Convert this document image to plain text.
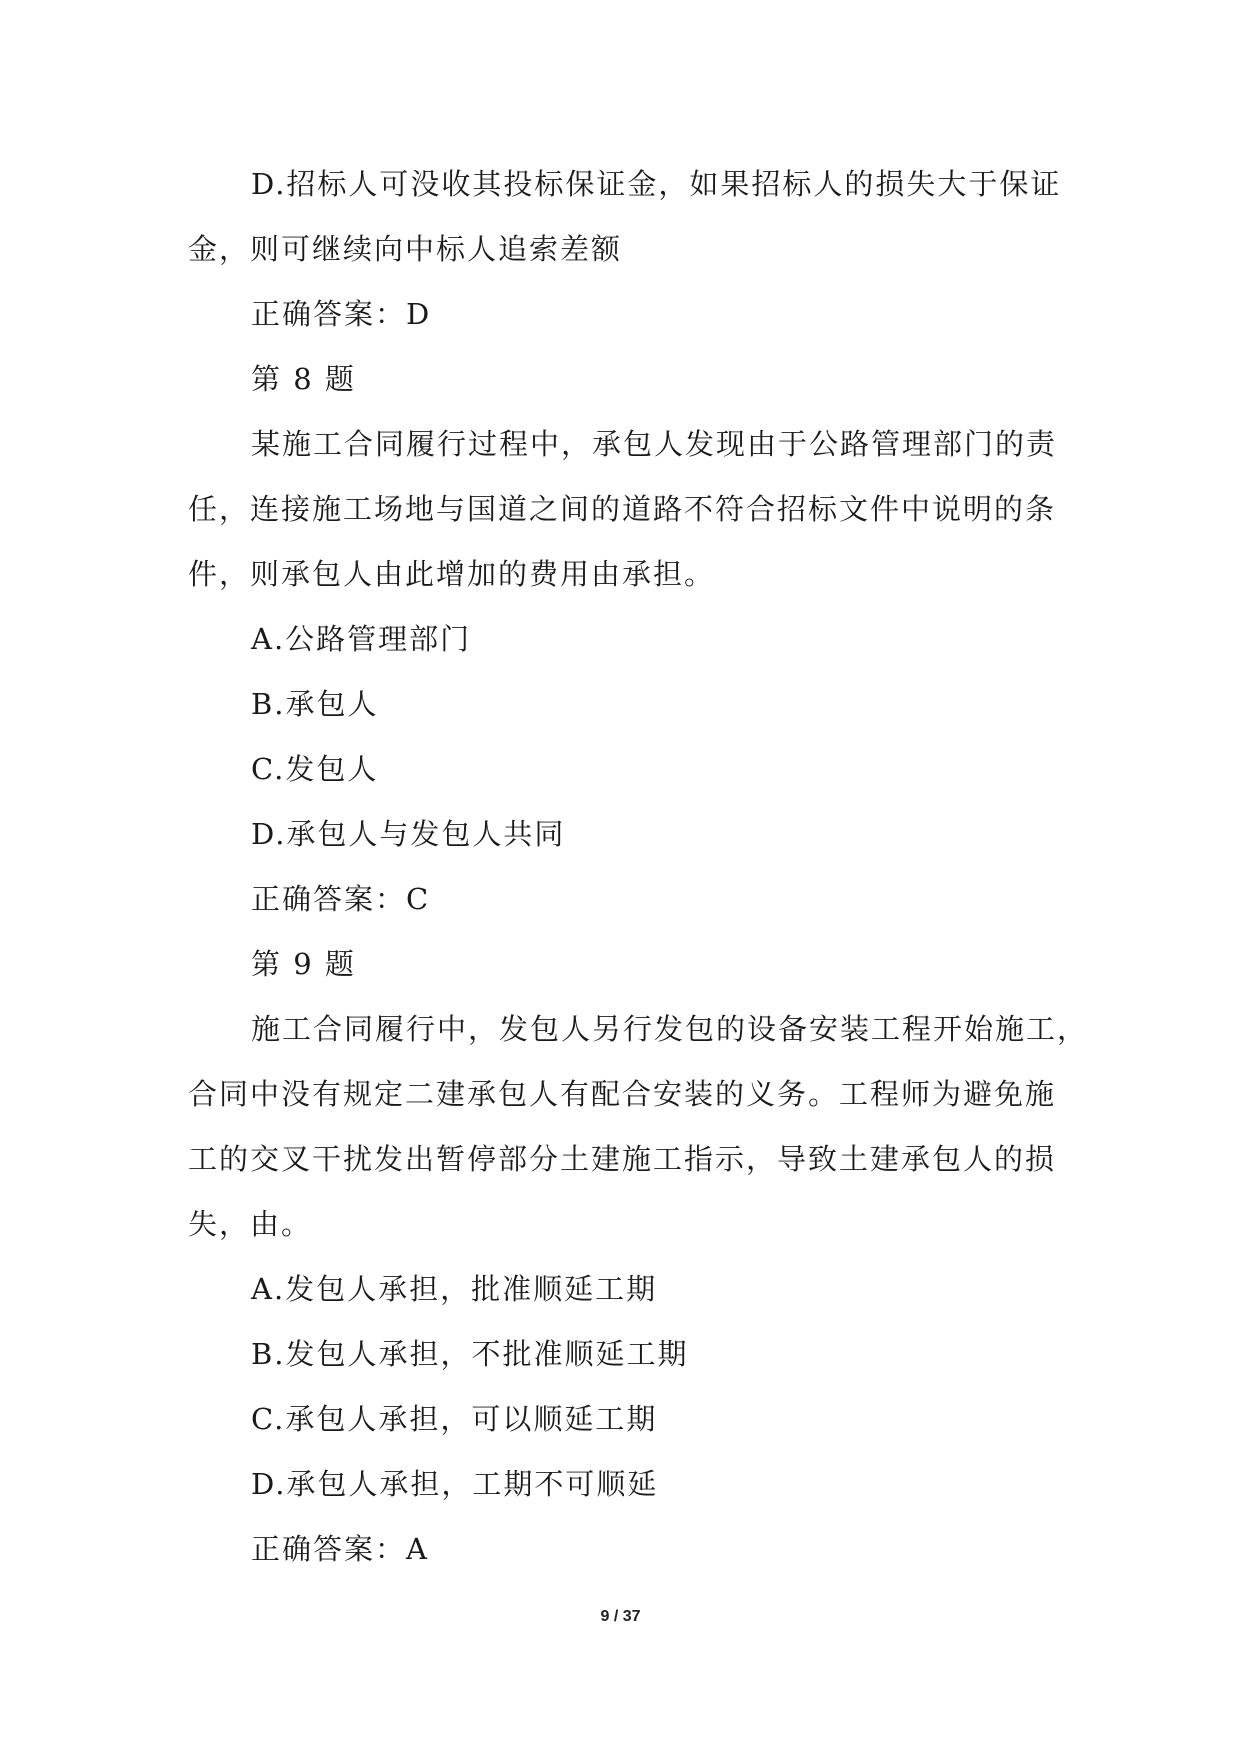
D.招标人可没收其投标保证金，如果招标人的损失大于保证
金，则可继续向中标人追索差额
正确答案：D
第 8 题
某施工合同履行过程中，承包人发现由于公路管理部门的责
任，连接施工场地与国道之间的道路不符合招标文件中说明的条
件，则承包人由此增加的费用由承担。
A.公路管理部门
B.承包人
C.发包人
D.承包人与发包人共同
正确答案：C
第 9 题
施工合同履行中，发包人另行发包的设备安装工程开始施工，
合同中没有规定二建承包人有配合安装的义务。工程师为避免施
工的交叉干扰发出暂停部分土建施工指示，导致土建承包人的损
失，由。
A.发包人承担，批准顺延工期
B.发包人承担，不批准顺延工期
C.承包人承担，可以顺延工期
D.承包人承担，工期不可顺延
正确答案：A
9 / 37
